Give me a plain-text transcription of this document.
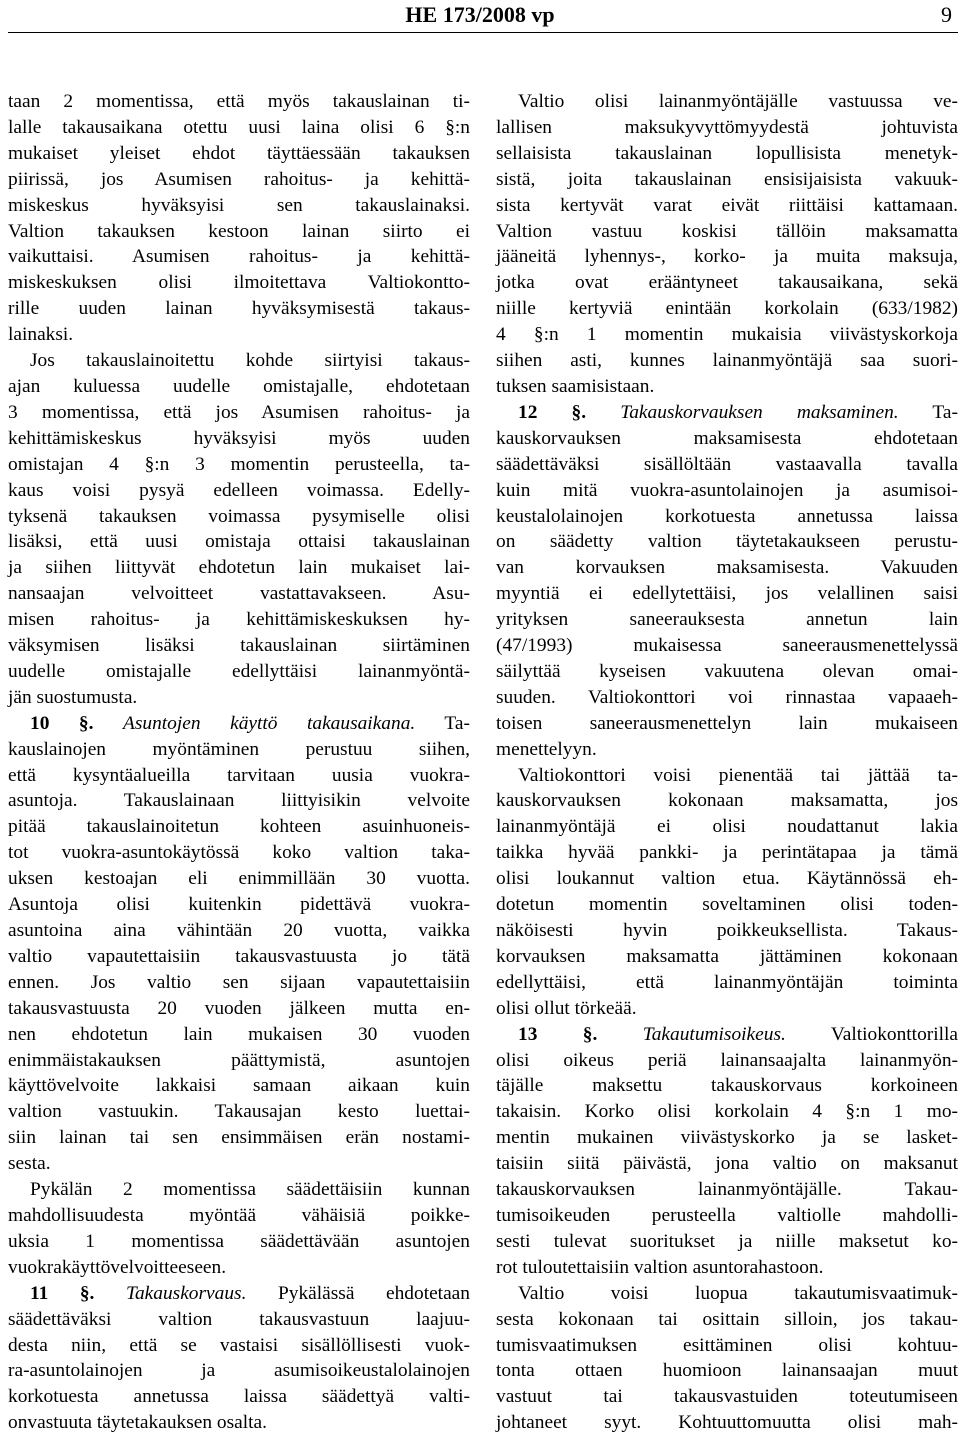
HE 173/2008 vp	9
taan 2 momentissa, että myös takauslainan ti-
lalle takausaikana otettu uusi laina olisi 6 §:n
mukaiset yleiset ehdot täyttäessään takauksen
piirissä, jos Asumisen rahoitus- ja kehittä-
miskeskus hyväksyisi sen takauslainaksi.
Valtion takauksen kestoon lainan siirto ei
vaikuttaisi. Asumisen rahoitus- ja kehittä-
miskeskuksen olisi ilmoitettava Valtiokontto-
rille uuden lainan hyväksymisestä takaus-
lainaksi.
Jos takauslainoitettu kohde siirtyisi takaus-
ajan kuluessa uudelle omistajalle, ehdotetaan
3 momentissa, että jos Asumisen rahoitus- ja
kehittämiskeskus hyväksyisi myös uuden
omistajan 4 §:n 3 momentin perusteella, ta-
kaus voisi pysyä edelleen voimassa. Edelly-
tyksenä takauksen voimassa pysymiselle olisi
lisäksi, että uusi omistaja ottaisi takauslainan
ja siihen liittyvät ehdotetun lain mukaiset lai-
nansaajan velvoitteet vastattavakseen. Asu-
misen rahoitus- ja kehittämiskeskuksen hy-
väksymisen lisäksi takauslainan siirtäminen
uudelle omistajalle edellyttäisi lainanmyöntä-
jän suostumusta.
10 §. Asuntojen käyttö takausaikana. Ta-
kauslainojen myöntäminen perustuu siihen,
että kysyntäalueilla tarvitaan uusia vuokra-
asuntoja. Takauslainaan liittyisikin velvoite
pitää takauslainoitetun kohteen asuinhuoneis-
tot vuokra-asuntokäytössä koko valtion taka-
uksen kestoajan eli enimmillään 30 vuotta.
Asuntoja olisi kuitenkin pidettävä vuokra-
asuntoina aina vähintään 20 vuotta, vaikka
valtio vapautettaisiin takausvastuusta jo tätä
ennen. Jos valtio sen sijaan vapautettaisiin
takausvastuusta 20 vuoden jälkeen mutta en-
nen ehdotetun lain mukaisen 30 vuoden
enimmäistakauksen päättymistä, asuntojen
käyttövelvoite lakkaisi samaan aikaan kuin
valtion vastuukin. Takausajan kesto luettai-
siin lainan tai sen ensimmäisen erän nostami-
sesta.
Pykälän 2 momentissa säädettäisiin kunnan
mahdollisuudesta myöntää vähäisiä poikke-
uksia 1 momentissa säädettävään asuntojen
vuokrakäyttövelvoitteeseen.
11 §. Takauskorvaus. Pykälässä ehdotetaan
säädettäväksi valtion takausvastuun laajuu-
desta niin, että se vastaisi sisällöllisesti vuok-
ra-asuntolainojen ja asumisoikeustalolainojen
korkotuesta annetussa laissa säädettyä valti-
onvastuuta täytetakauksen osalta.
Valtio olisi lainanmyöntäjälle vastuussa ve-
lallisen maksukyvyttömyydestä johtuvista
sellaisista takauslainan lopullisista menetyk-
sistä, joita takauslainan ensisijaisista vakuuk-
sista kertyvät varat eivät riittäisi kattamaan.
Valtion vastuu koskisi tällöin maksamatta
jääneitä lyhennys-, korko- ja muita maksuja,
jotka ovat erääntyneet takausaikana, sekä
niille kertyviä enintään korkolain (633/1982)
4 §:n 1 momentin mukaisia viivästyskorkoja
siihen asti, kunnes lainanmyöntäjä saa suori-
tuksen saamisistaan.
12 §. Takauskorvauksen maksaminen. Ta-
kauskorvauksen maksamisesta ehdotetaan
säädettäväksi sisällöltään vastaavalla tavalla
kuin mitä vuokra-asuntolainojen ja asumisoi-
keustalolainojen korkotuesta annetussa laissa
on säädetty valtion täytetakaukseen perustu-
van korvauksen maksamisesta. Vakuuden
myyntiä ei edellytettäisi, jos velallinen saisi
yrityksen saneerauksesta annetun lain
(47/1993) mukaisessa saneerausmenettelyssä
säilyttää kyseisen vakuutena olevan omai-
suuden. Valtiokonttori voi rinnastaa vapaaeh-
toisen saneerausmenettelyn lain mukaiseen
menettelyyn.
Valtiokonttori voisi pienentää tai jättää ta-
kauskorvauksen kokonaan maksamatta, jos
lainanmyöntäjä ei olisi noudattanut lakia
taikka hyvää pankki- ja perintätapaa ja tämä
olisi loukannut valtion etua. Käytännössä eh-
dotetun momentin soveltaminen olisi toden-
näköisesti hyvin poikkeuksellista. Takaus-
korvauksen maksamatta jättäminen kokonaan
edellyttäisi, että lainanmyöntäjän toiminta
olisi ollut törkeää.
13 §. Takautumisoikeus. Valtiokonttorilla
olisi oikeus periä lainansaajalta lainanmyön-
täjälle maksettu takauskorvaus korkoineen
takaisin. Korko olisi korkolain 4 §:n 1 mo-
mentin mukainen viivästyskorko ja se lasket-
taisiin siitä päivästä, jona valtio on maksanut
takauskorvauksen lainanmyöntäjälle. Takau-
tumisoikeuden perusteella valtiolle mahdolli-
sesti tulevat suoritukset ja niille maksetut ko-
rot tuloutettaisiin valtion asuntorahastoon.
Valtio voisi luopua takautumisvaatimuk-
sesta kokonaan tai osittain silloin, jos takau-
tumisvaatimuksen esittäminen olisi kohtuu-
tonta ottaen huomioon lainansaajan muut
vastuut tai takausvastuiden toteutumiseen
johtaneet syyt. Kohtuuttomuutta olisi mah-
